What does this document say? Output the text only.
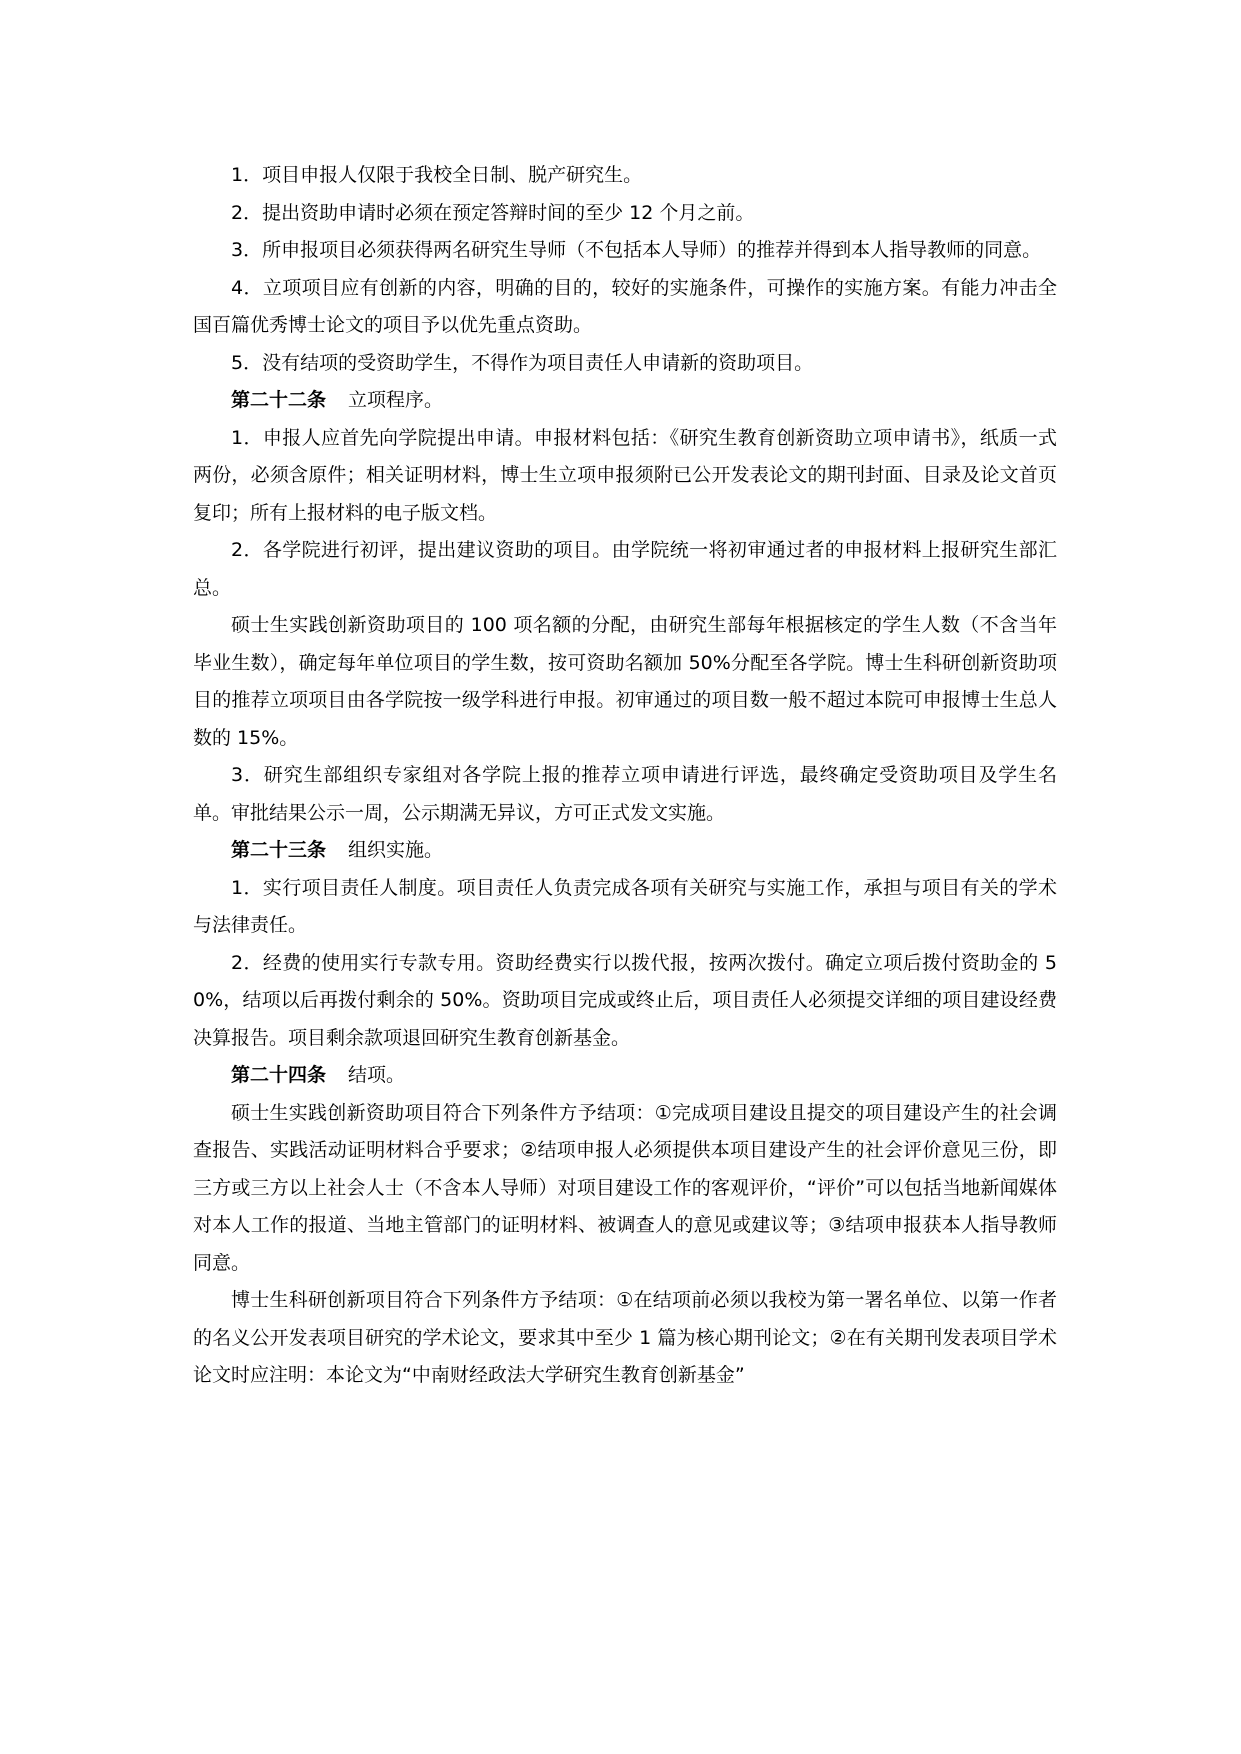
1．项目申报人仅限于我校全日制、脱产研究生。

2．提出资助申请时必须在预定答辩时间的至少 12 个月之前。

3．所申报项目必须获得两名研究生导师（不包括本人导师）的推荐并得到本人指导教师的同意。

4．立项项目应有创新的内容，明确的目的，较好的实施条件，可操作的实施方案。有能力冲击全国百篇优秀博士论文的项目予以优先重点资助。

5．没有结项的受资助学生，不得作为项目责任人申请新的资助项目。

第二十二条 立项程序。

1．申报人应首先向学院提出申请。申报材料包括：《研究生教育创新资助立项申请书》，纸质一式两份，必须含原件；相关证明材料，博士生立项申报须附已公开发表论文的期刊封面、目录及论文首页复印；所有上报材料的电子版文档。

2．各学院进行初评，提出建议资助的项目。由学院统一将初审通过者的申报材料上报研究生部汇总。

硕士生实践创新资助项目的 100 项名额的分配，由研究生部每年根据核定的学生人数（不含当年毕业生数），确定每年单位项目的学生数，按可资助名额加 50%分配至各学院。博士生科研创新资助项目的推荐立项项目由各学院按一级学科进行申报。初审通过的项目数一般不超过本院可申报博士生总人数的 15%。

3．研究生部组织专家组对各学院上报的推荐立项申请进行评选，最终确定受资助项目及学生名单。审批结果公示一周，公示期满无异议，方可正式发文实施。

第二十三条 组织实施。

1．实行项目责任人制度。项目责任人负责完成各项有关研究与实施工作，承担与项目有关的学术与法律责任。

2．经费的使用实行专款专用。资助经费实行以拨代报，按两次拨付。确定立项后拨付资助金的 50%，结项以后再拨付剩余的 50%。资助项目完成或终止后，项目责任人必须提交详细的项目建设经费决算报告。项目剩余款项退回研究生教育创新基金。

第二十四条 结项。

硕士生实践创新资助项目符合下列条件方予结项：①完成项目建设且提交的项目建设产生的社会调查报告、实践活动证明材料合乎要求；②结项申报人必须提供本项目建设产生的社会评价意见三份，即三方或三方以上社会人士（不含本人导师）对项目建设工作的客观评价，“评价”可以包括当地新闻媒体对本人工作的报道、当地主管部门的证明材料、被调查人的意见或建议等；③结项申报获本人指导教师同意。

博士生科研创新项目符合下列条件方予结项：①在结项前必须以我校为第一署名单位、以第一作者的名义公开发表项目研究的学术论文，要求其中至少 1 篇为核心期刊论文；②在有关期刊发表项目学术论文时应注明：本论文为“中南财经政法大学研究生教育创新基金”
